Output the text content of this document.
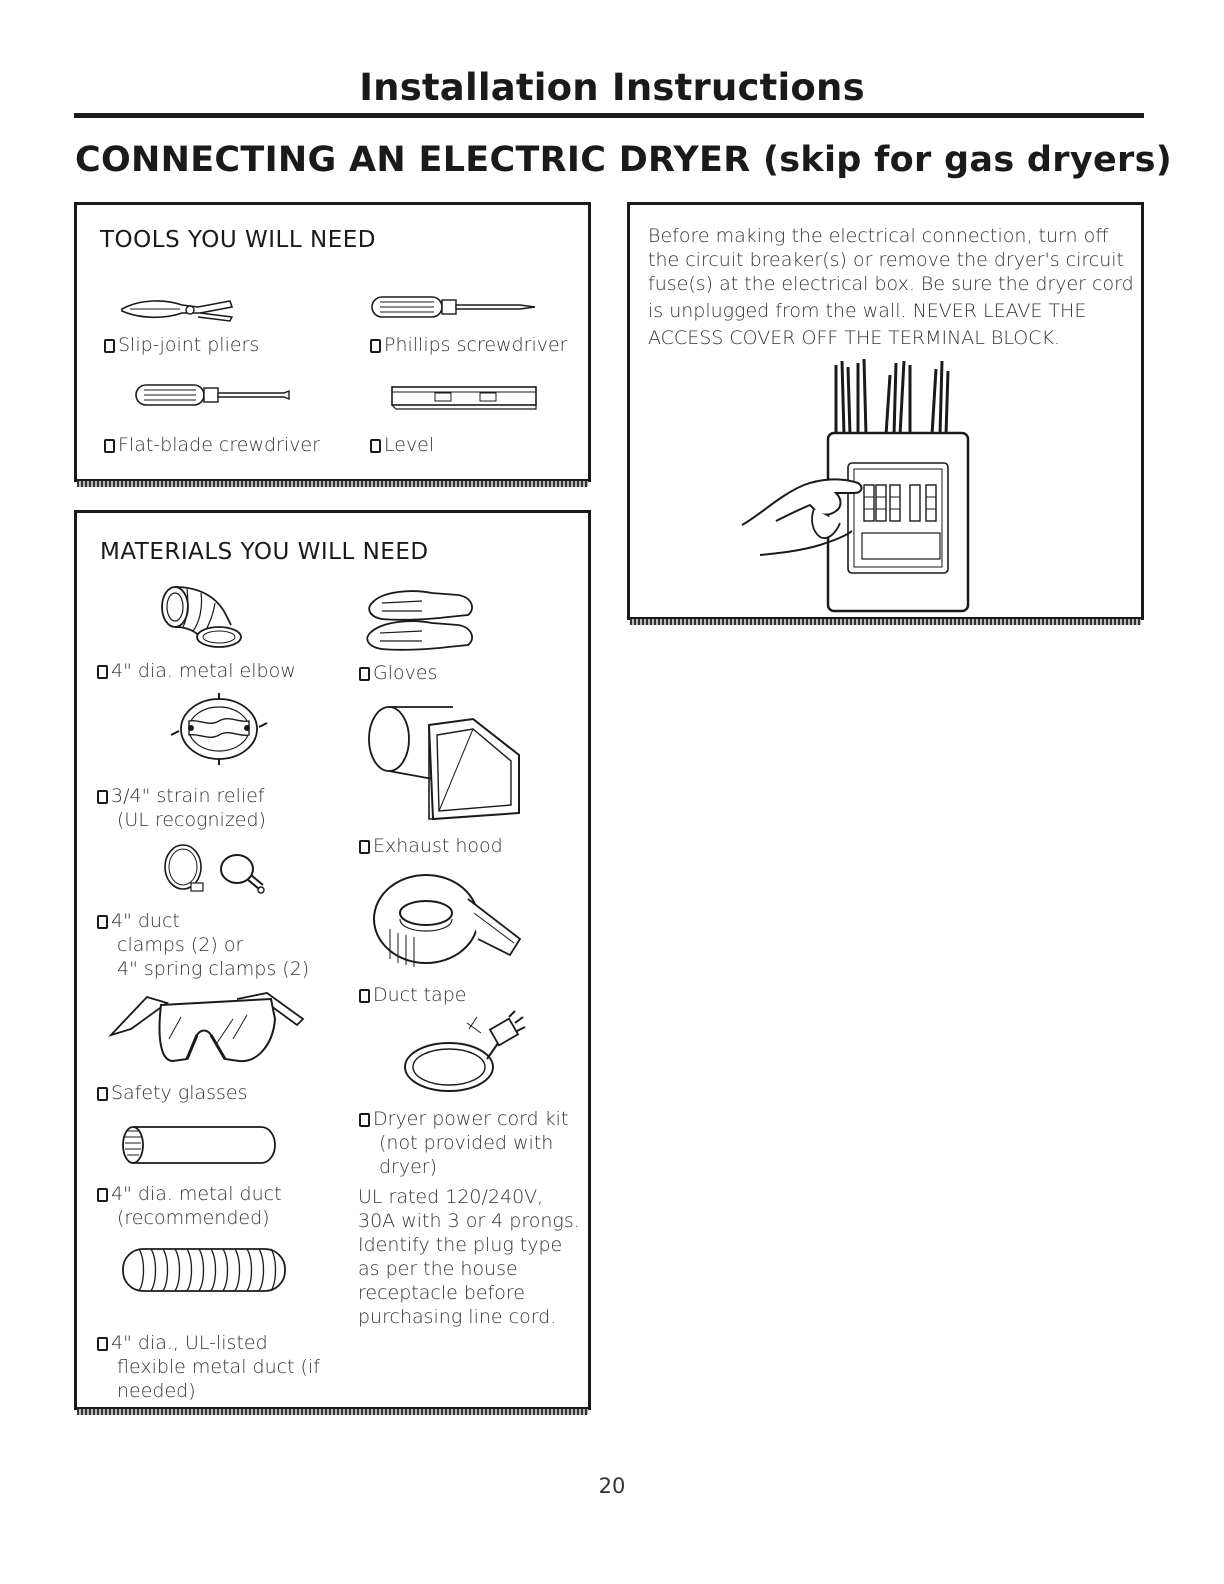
Installation Instructions
CONNECTING AN ELECTRIC DRYER (skip for gas dryers)
TOOLS YOU WILL NEED
Slip-joint pliers	Phillips screwdriver
Flat-blade crewdriver	Level
MATERIALS YOU WILL NEED
4" dia. metal elbow
3/4" strain relief
(UL recognized)
4" duct
clamps (2) or
4" spring clamps (2)
Safety glasses
4" dia. metal duct
(recommended)
4" dia., UL-listed
flexible metal duct (if
needed)
Gloves
Exhaust hood
Duct tape
Dryer power cord kit
(not provided with
dryer)
UL rated 120/240V,
30A with 3 or 4 prongs.
Identify the plug type
as per the house
receptacle before
purchasing line cord.
Before making the electrical connection, turn off
the circuit breaker(s) or remove the dryer's circuit
fuse(s) at the electrical box. Be sure the dryer cord
is unplugged from the wall. NEVER LEAVE THE
ACCESS COVER OFF THE TERMINAL BLOCK.
20
